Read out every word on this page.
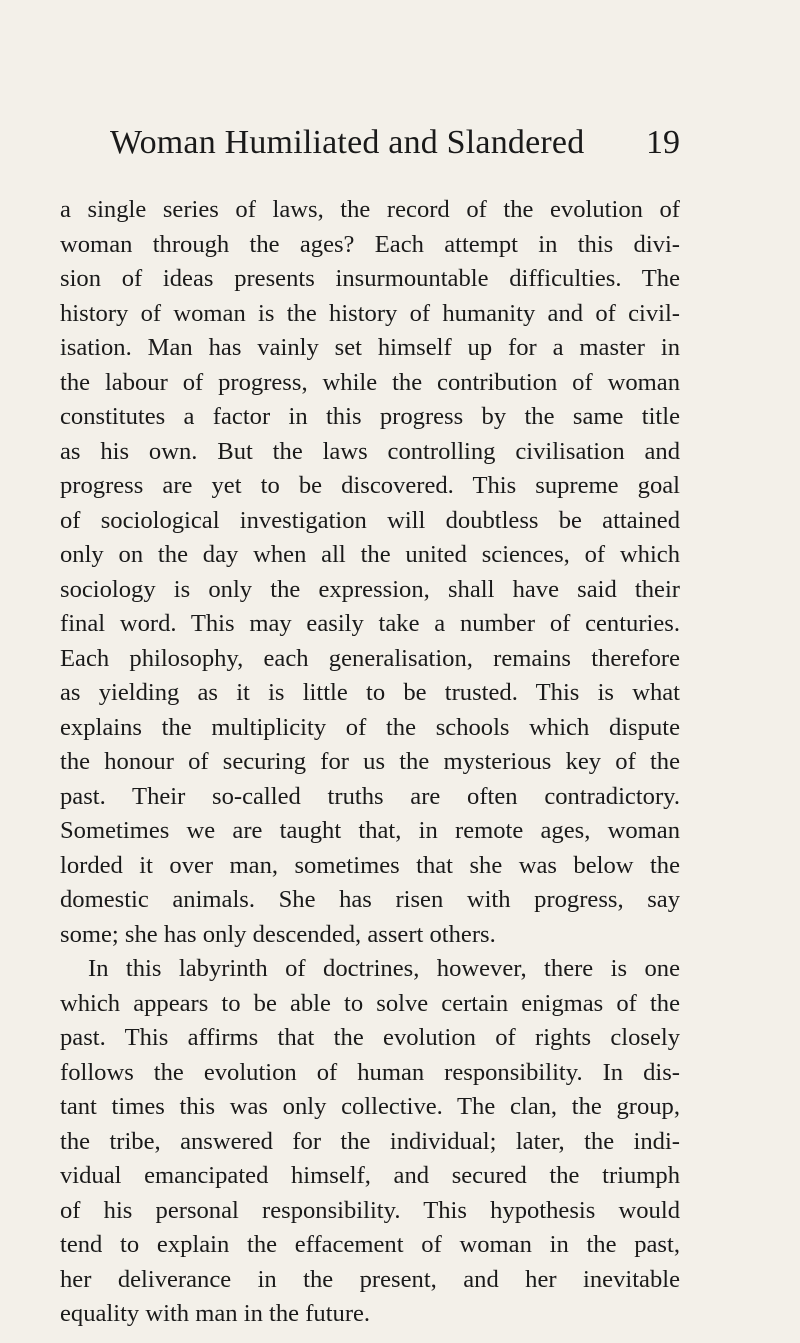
Woman Humiliated and Slandered 19
a single series of laws, the record of the evolution of
woman through the ages? Each attempt in this divi-
sion of ideas presents insurmountable difficulties. The
history of woman is the history of humanity and of civil-
isation. Man has vainly set himself up for a master in
the labour of progress, while the contribution of woman
constitutes a factor in this progress by the same title
as his own. But the laws controlling civilisation and
progress are yet to be discovered. This supreme goal
of sociological investigation will doubtless be attained
only on the day when all the united sciences, of which
sociology is only the expression, shall have said their
final word. This may easily take a number of centuries.
Each philosophy, each generalisation, remains therefore
as yielding as it is little to be trusted. This is what
explains the multiplicity of the schools which dispute
the honour of securing for us the mysterious key of the
past. Their so-called truths are often contradictory.
Sometimes we are taught that, in remote ages, woman
lorded it over man, sometimes that she was below the
domestic animals. She has risen with progress, say
some; she has only descended, assert others.
In this labyrinth of doctrines, however, there is one
which appears to be able to solve certain enigmas of the
past. This affirms that the evolution of rights closely
follows the evolution of human responsibility. In dis-
tant times this was only collective. The clan, the group,
the tribe, answered for the individual; later, the indi-
vidual emancipated himself, and secured the triumph
of his personal responsibility. This hypothesis would
tend to explain the effacement of woman in the past,
her deliverance in the present, and her inevitable
equality with man in the future.
